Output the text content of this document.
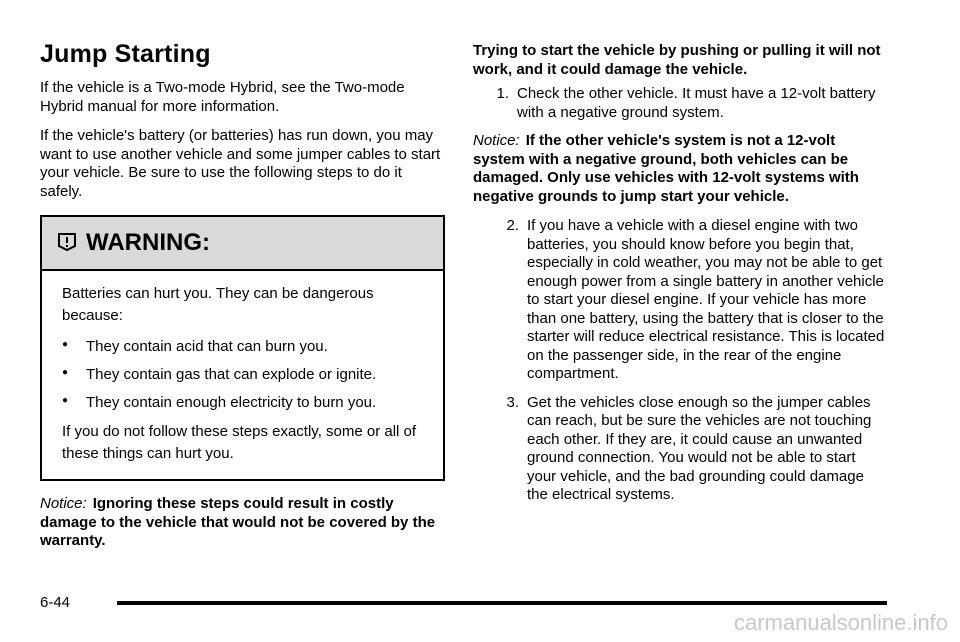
Jump Starting

If the vehicle is a Two-mode Hybrid, see the Two-mode Hybrid manual for more information.

If the vehicle's battery (or batteries) has run down, you may want to use another vehicle and some jumper cables to start your vehicle. Be sure to use the following steps to do it safely.

WARNING:

Batteries can hurt you. They can be dangerous because:

●	They contain acid that can burn you.
●	They contain gas that can explode or ignite.
●	They contain enough electricity to burn you.

If you do not follow these steps exactly, some or all of these things can hurt you.

Notice: Ignoring these steps could result in costly damage to the vehicle that would not be covered by the warranty.

Trying to start the vehicle by pushing or pulling it will not work, and it could damage the vehicle.

1. Check the other vehicle. It must have a 12-volt battery with a negative ground system.

Notice: If the other vehicle's system is not a 12-volt system with a negative ground, both vehicles can be damaged. Only use vehicles with 12-volt systems with negative grounds to jump start your vehicle.

2. If you have a vehicle with a diesel engine with two batteries, you should know before you begin that, especially in cold weather, you may not be able to get enough power from a single battery in another vehicle to start your diesel engine. If your vehicle has more than one battery, using the battery that is closer to the starter will reduce electrical resistance. This is located on the passenger side, in the rear of the engine compartment.
3. Get the vehicles close enough so the jumper cables can reach, but be sure the vehicles are not touching each other. If they are, it could cause an unwanted ground connection. You would not be able to start your vehicle, and the bad grounding could damage the electrical systems.
6-44
carmanualsonline.info
